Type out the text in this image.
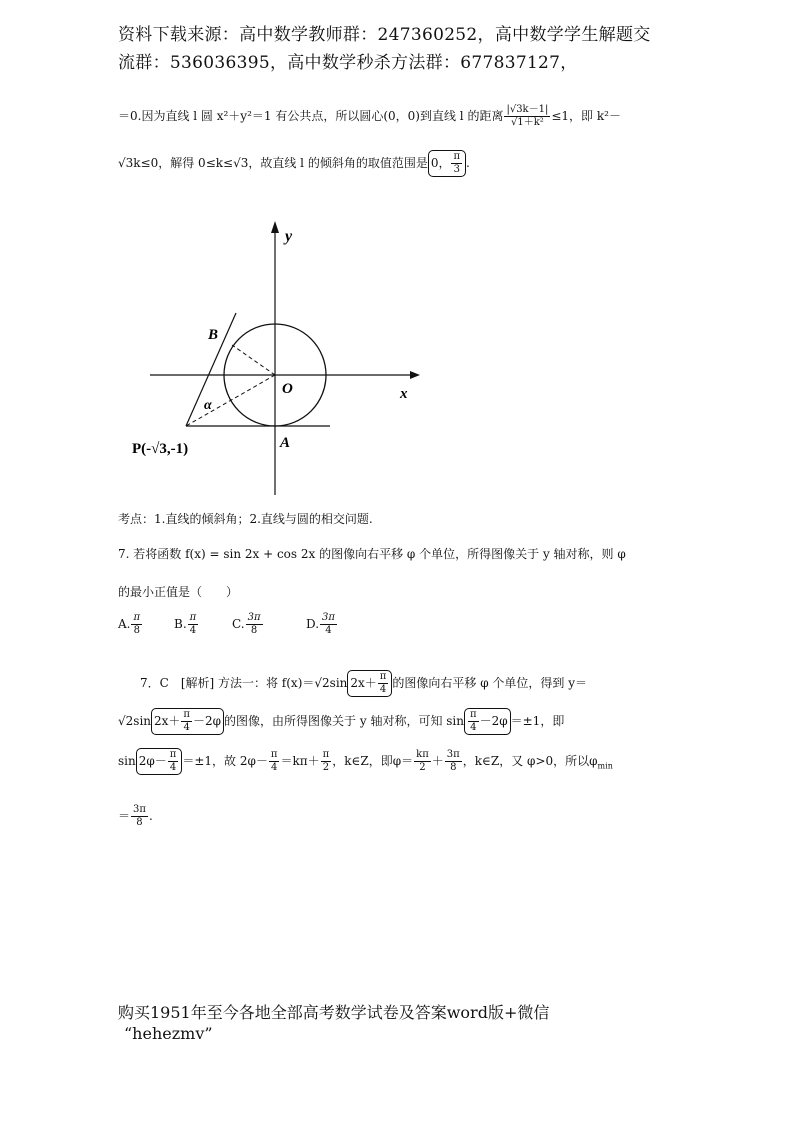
资料下载来源：高中数学教师群：247360252，高中数学学生解题交
流群：536036395，高中数学秒杀方法群：677837127，
＝0.因为直线 l 圆 x²＋y²＝1 有公共点，所以圆心(0，0)到直线 l 的距离 $\frac{|√3k-1|}{\text{√1＋k²}} \le 1$，即 k²－
√3k≤0，解得 0≤k≤√3，故直线 l 的倾斜角的取值范围是 0， $\frac{\pi}{3}$ .
y
x
O
B
A
α
P(-√3,-1)
考点：1.直线的倾斜角；2.直线与圆的相交问题.
7. 若将函数 f(x) = sin 2x + cos 2x 的图像向右平移 φ 个单位，所得图像关于 y 轴对称，则 φ
的最小正值是（　　）
A. $\frac{\pi}{8}$	B. $\frac{\pi}{4}$	C. $\frac{3\pi}{8}$	D. $\frac{3\pi}{4}$
7．C　[解析] 方法一：将 f(x)＝√2sin $2x+ \frac{\pi}{4}$ 的图像向右平移 φ 个单位，得到 y＝
√2sin $2x+ \frac{\pi}{4} -2\varphi$ 的图像，由所得图像关于 y 轴对称，可知 $\sin \frac{\pi}{4} -2\varphi =\pm 1$，即
$\sin 2\varphi- \frac{\pi}{4} =\pm 1$，故 $2\varphi- \frac{\pi}{4} =k\pi+ \frac{\pi}{2}$ ，k∈Z，即$\varphi= \frac{k\pi}{2} + \frac{3\pi}{8}$ ，k∈Z，又 φ>0，所以$\varphi_{min}$
＝ $\frac{3\pi}{8}$ .
购买1951年至今各地全部高考数学试卷及答案word版+微信
“hehezmv”
